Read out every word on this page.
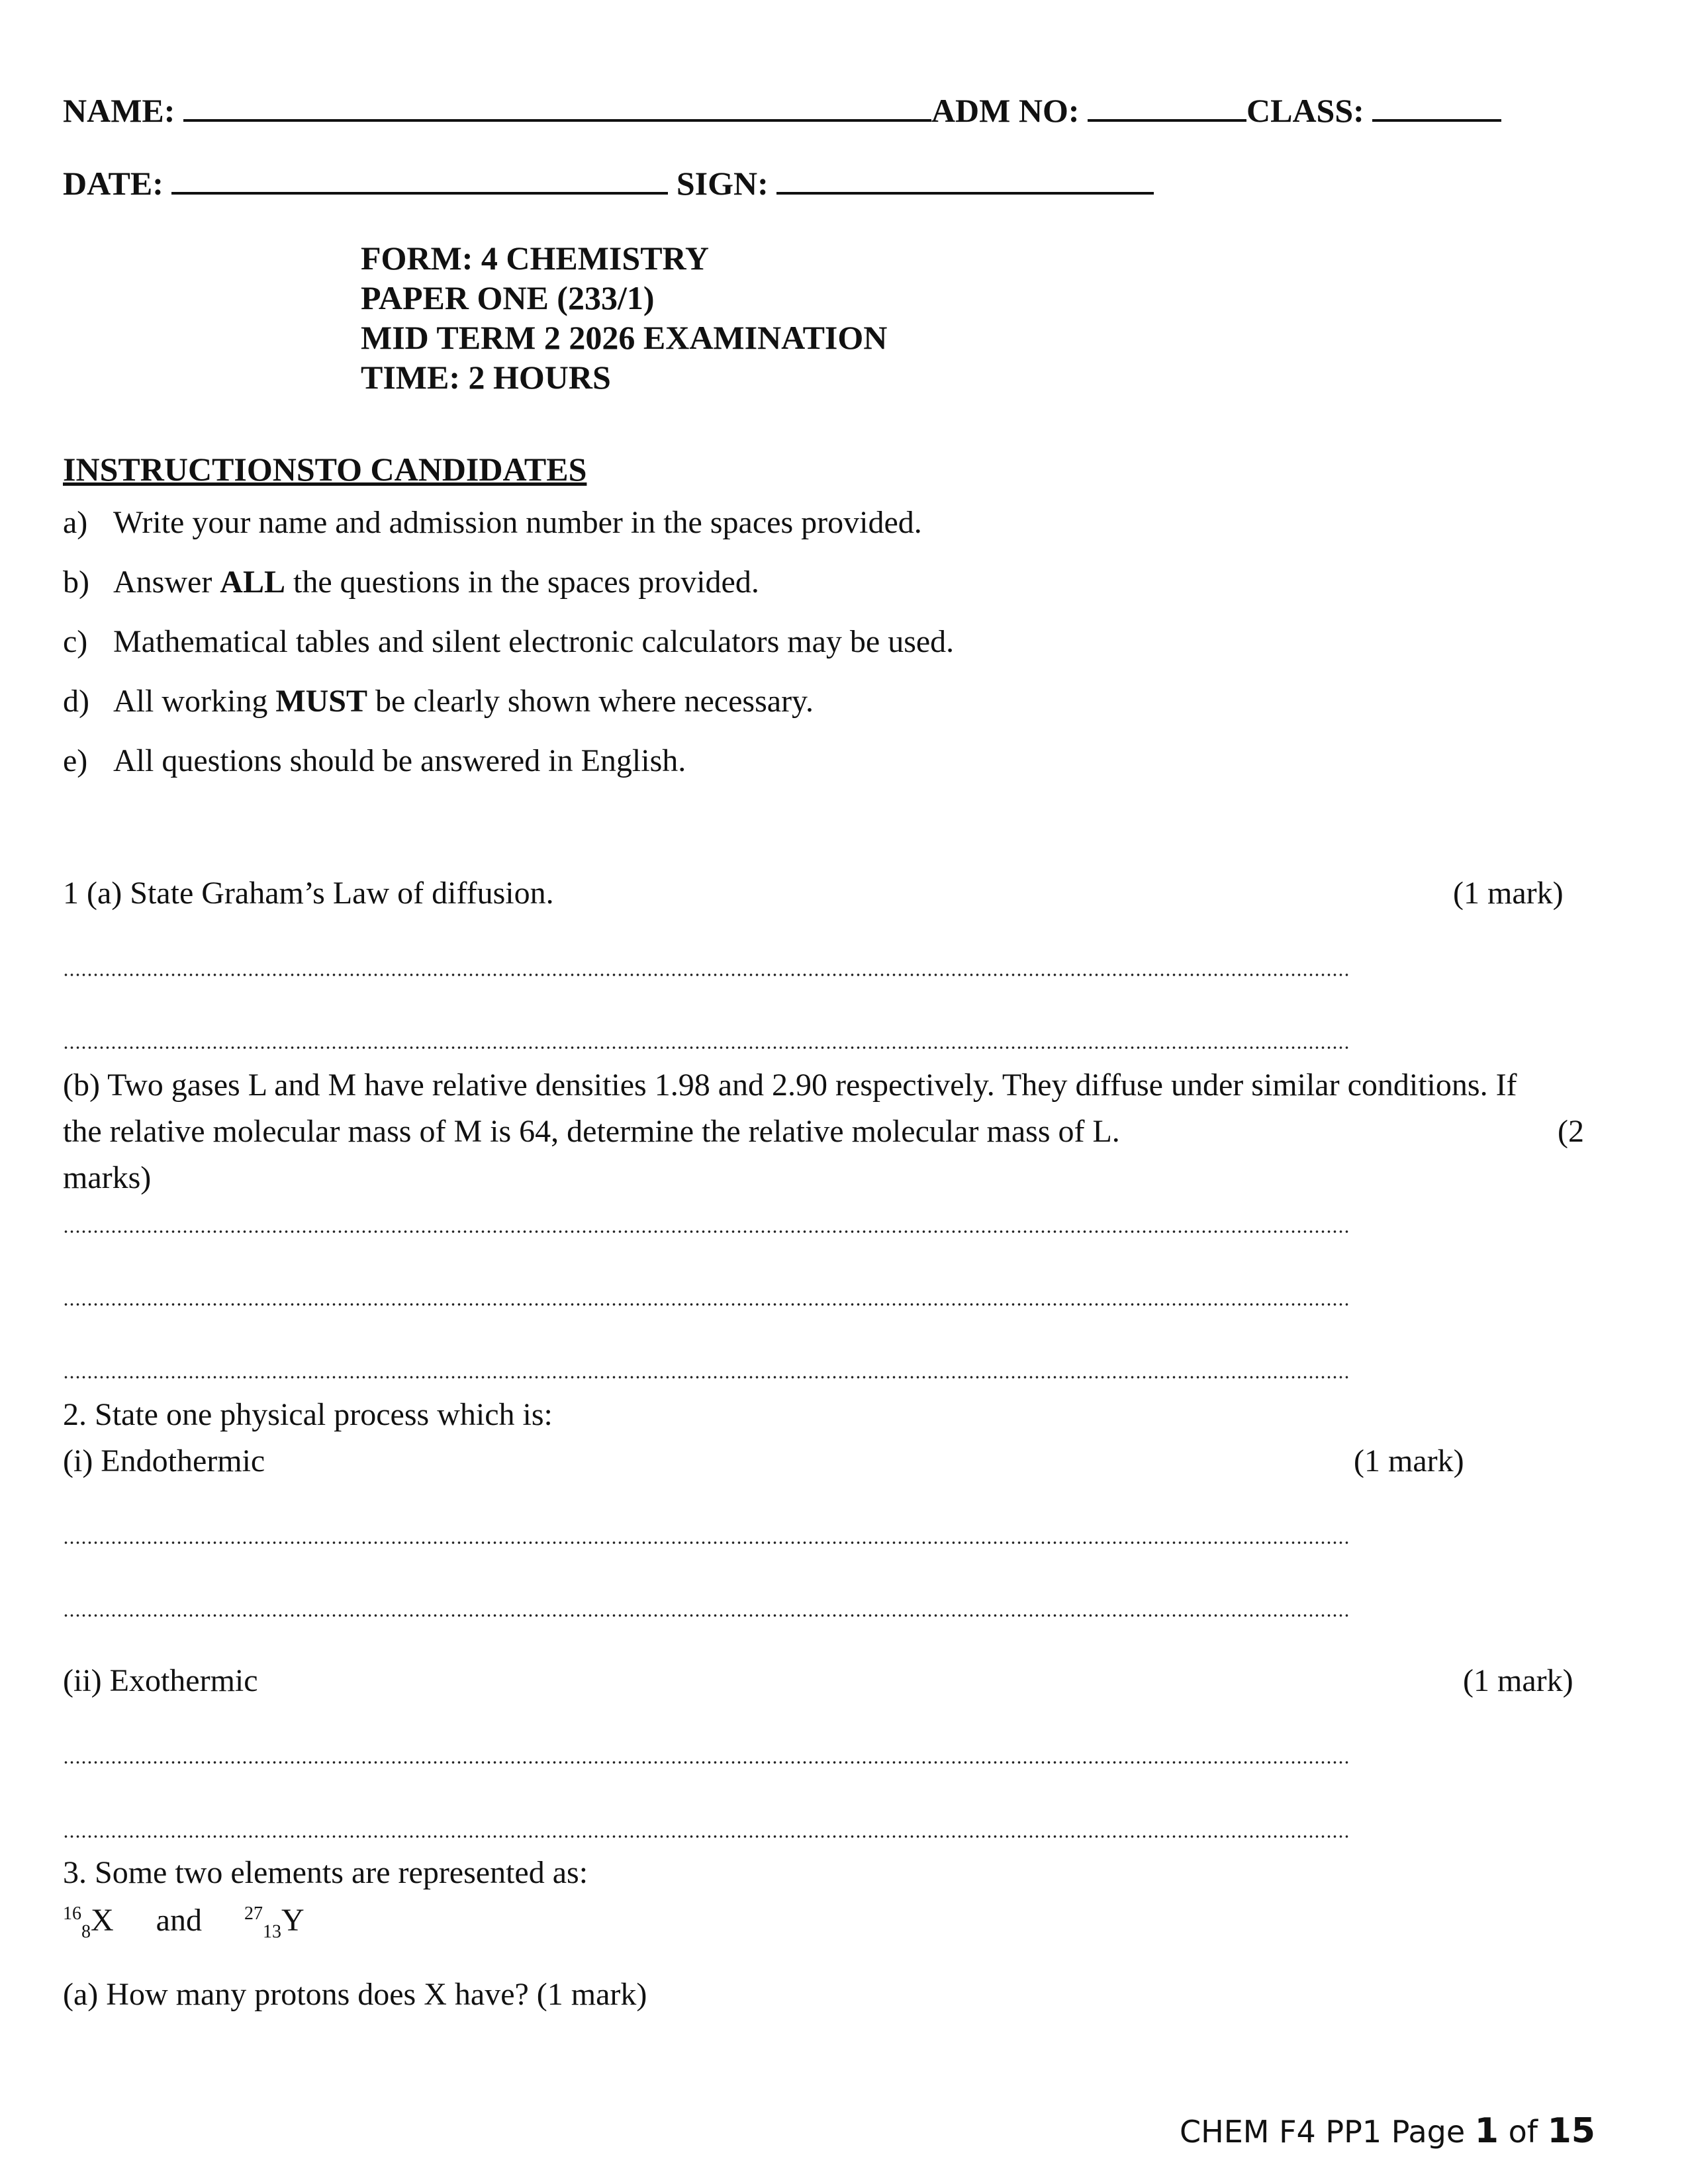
NAME:	ADM NO:	CLASS:
DATE:	SIGN:
FORM: 4 CHEMISTRY
PAPER ONE (233/1)
MID TERM 2 2026 EXAMINATION
TIME: 2 HOURS
INSTRUCTIONSTO CANDIDATES
a) Write your name and admission number in the spaces provided.
b) Answer ALL the questions in the spaces provided.
c) Mathematical tables and silent electronic calculators may be used.
d) All working MUST be clearly shown where necessary.
e) All questions should be answered in English.
1 (a) State Graham’s Law of diffusion.	(1 mark)
(b) Two gases L and M have relative densities 1.98 and 2.90 respectively. They diffuse under similar conditions. If
the relative molecular mass of M is 64, determine the relative molecular mass of L.	(2
marks)
2. State one physical process which is:
(i) Endothermic	(1 mark)
(ii) Exothermic	(1 mark)
3. Some two elements are represented as:
$^{16}_8$X and $^{27}_{13}$Y
(a) How many protons does X have? (1 mark)
CHEM F4 PP1 Page 1 of 15
